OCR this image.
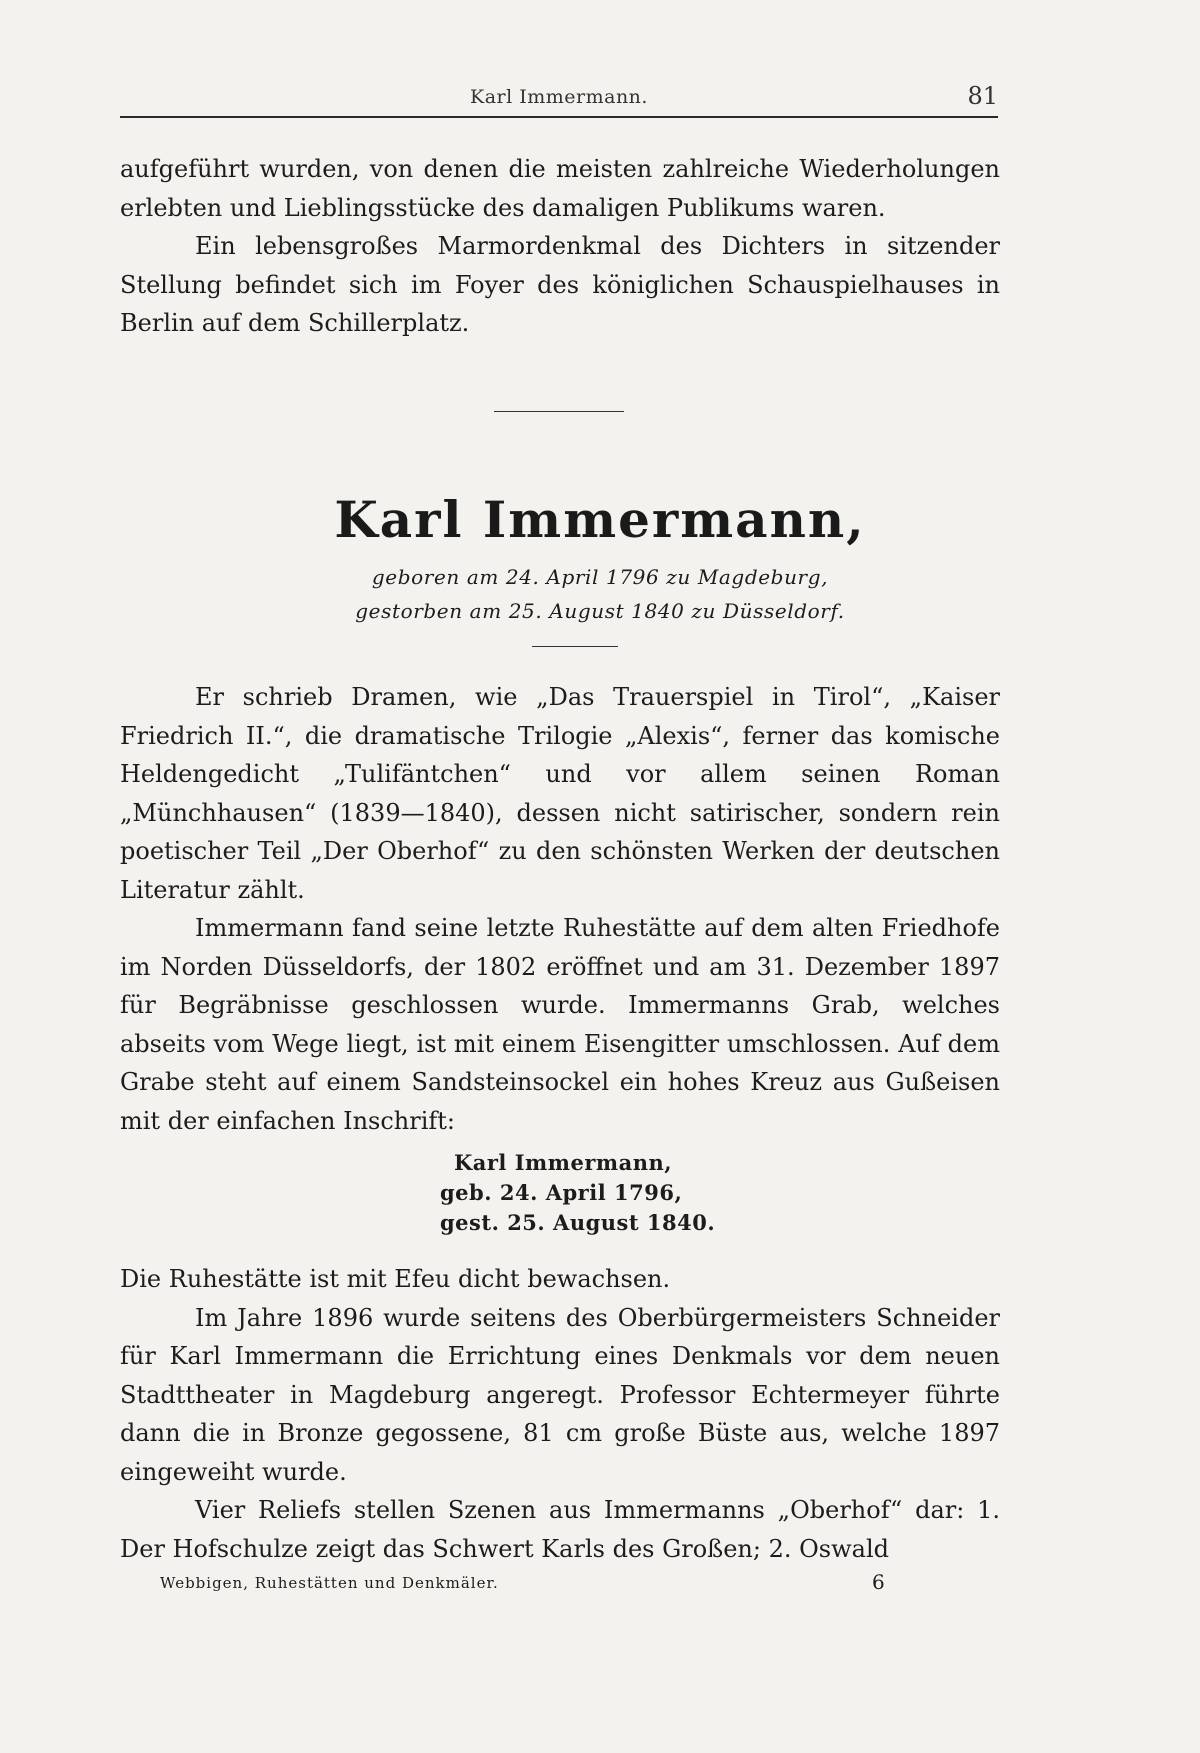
Karl Immermann.	81

aufgeführt wurden, von denen die meisten zahlreiche Wiederholungen erlebten und Lieblingsstücke des damaligen Publikums waren.

Ein lebensgroßes Marmordenkmal des Dichters in sitzender Stellung befindet sich im Foyer des königlichen Schauspielhauses in Berlin auf dem Schillerplatz.

Karl Immermann,
geboren am 24. April 1796 zu Magdeburg,
gestorben am 25. August 1840 zu Düsseldorf.

Er schrieb Dramen, wie „Das Trauerspiel in Tirol“, „Kaiser Friedrich II.“, die dramatische Trilogie „Alexis“, ferner das komische Heldengedicht „Tulifäntchen“ und vor allem seinen Roman „Münchhausen“ (1839—1840), dessen nicht satirischer, sondern rein poetischer Teil „Der Oberhof“ zu den schönsten Werken der deutschen Literatur zählt.

Immermann fand seine letzte Ruhestätte auf dem alten Friedhofe im Norden Düsseldorfs, der 1802 eröffnet und am 31. Dezember 1897 für Begräbnisse geschlossen wurde. Immermanns Grab, welches abseits vom Wege liegt, ist mit einem Eisengitter umschlossen. Auf dem Grabe steht auf einem Sandsteinsockel ein hohes Kreuz aus Gußeisen mit der einfachen Inschrift:

Karl Immermann,
geb. 24. April 1796,
gest. 25. August 1840.

Die Ruhestätte ist mit Efeu dicht bewachsen.

Im Jahre 1896 wurde seitens des Oberbürgermeisters Schneider für Karl Immermann die Errichtung eines Denkmals vor dem neuen Stadttheater in Magdeburg angeregt. Professor Echtermeyer führte dann die in Bronze gegossene, 81 cm große Büste aus, welche 1897 eingeweiht wurde.

Vier Reliefs stellen Szenen aus Immermanns „Oberhof“ dar: 1. Der Hofschulze zeigt das Schwert Karls des Großen; 2. Oswald

Webbigen, Ruhestätten und Denkmäler.	6
